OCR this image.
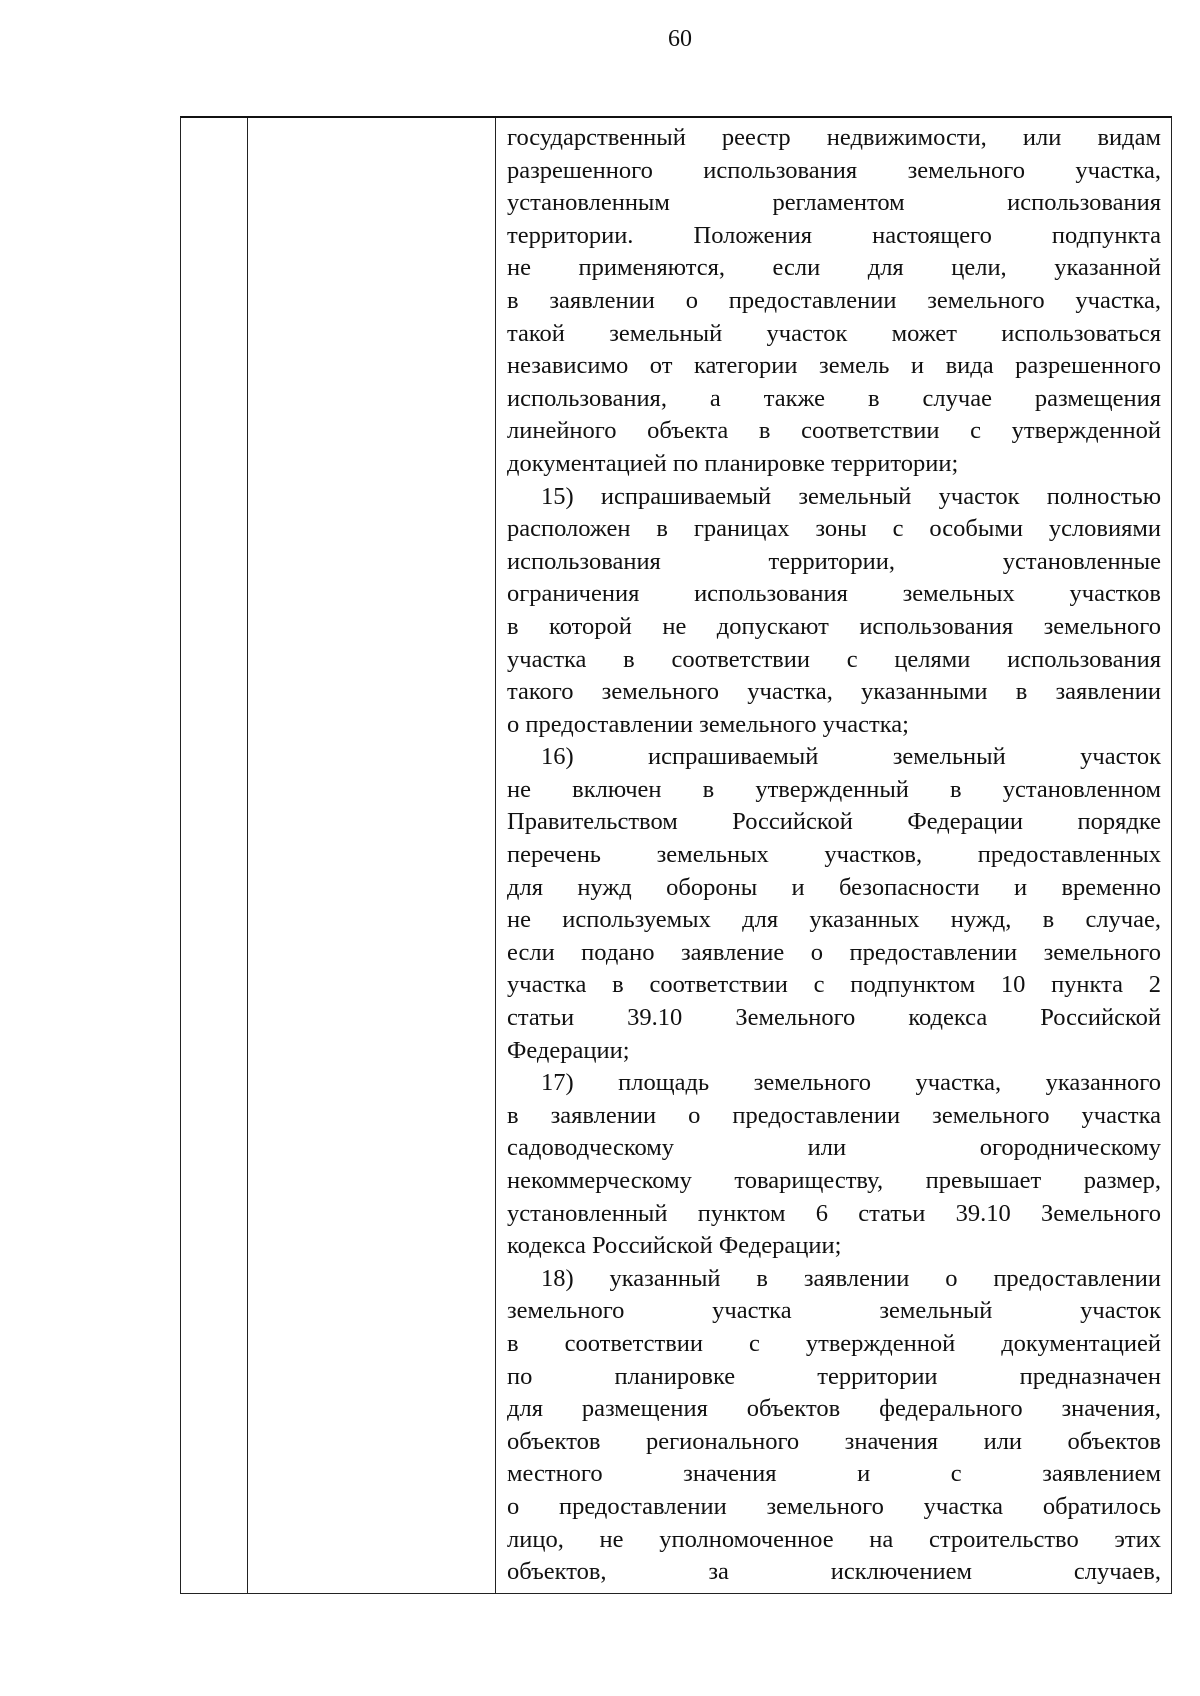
60
государственный реестр недвижимости, или видам
разрешенного использования земельного участка,
установленным регламентом использования
территории. Положения настоящего подпункта
не применяются, если для цели, указанной
в заявлении о предоставлении земельного участка,
такой земельный участок может использоваться
независимо от категории земель и вида разрешенного
использования, а также в случае размещения
линейного объекта в соответствии с утвержденной
документацией по планировке территории;
15) испрашиваемый земельный участок полностью
расположен в границах зоны с особыми условиями
использования территории, установленные
ограничения использования земельных участков
в которой не допускают использования земельного
участка в соответствии с целями использования
такого земельного участка, указанными в заявлении
о предоставлении земельного участка;
16) испрашиваемый земельный участок
не включен в утвержденный в установленном
Правительством Российской Федерации порядке
перечень земельных участков, предоставленных
для нужд обороны и безопасности и временно
не используемых для указанных нужд, в случае,
если подано заявление о предоставлении земельного
участка в соответствии с подпунктом 10 пункта 2
статьи 39.10 Земельного кодекса Российской
Федерации;
17) площадь земельного участка, указанного
в заявлении о предоставлении земельного участка
садоводческому или огородническому
некоммерческому товариществу, превышает размер,
установленный пунктом 6 статьи 39.10 Земельного
кодекса Российской Федерации;
18) указанный в заявлении о предоставлении
земельного участка земельный участок
в соответствии с утвержденной документацией
по планировке территории предназначен
для размещения объектов федерального значения,
объектов регионального значения или объектов
местного значения и с заявлением
о предоставлении земельного участка обратилось
лицо, не уполномоченное на строительство этих
объектов, за исключением случаев,
